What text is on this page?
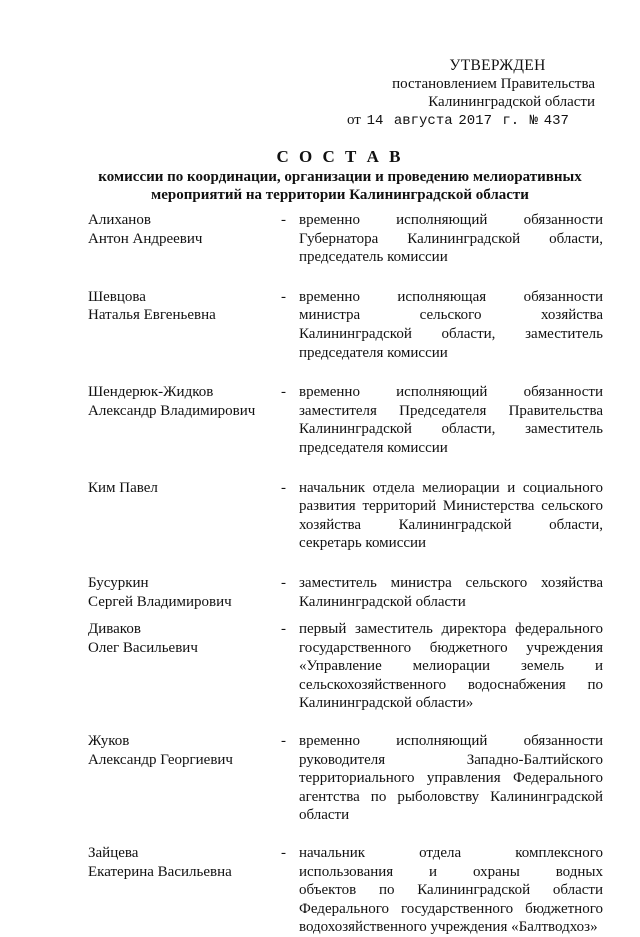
УТВЕРЖДЕН
постановлением Правительства
Калининградской области
от 14 августа 2017 г. № 437
С О С Т А В
комиссии по координации, организации и проведению мелиоративных
мероприятий на территории Калининградской области
Алиханов
Антон Андреевич
- временно исполняющий обязанности
Губернатора Калининградской области,
председатель комиссии
Шевцова
Наталья Евгеньевна
- временно исполняющая обязанности
министра сельского хозяйства
Калининградской области, заместитель
председателя комиссии
Шендерюк-Жидков
Александр Владимирович
- временно исполняющий обязанности
заместителя Председателя Правительства
Калининградской области, заместитель
председателя комиссии
Ким Павел
	- начальник отдела мелиорации и социального
развития территорий Министерства сельского
хозяйства Калининградской области,
секретарь комиссии
Бусуркин
Сергей Владимирович
- заместитель министра сельского хозяйства
Калининградской области
Диваков
Олег Васильевич
- первый заместитель директора федерального
государственного бюджетного учреждения
«Управление мелиорации земель и
сельскохозяйственного водоснабжения по
Калининградской области»
Жуков
Александр Георгиевич
- временно исполняющий обязанности
руководителя Западно-Балтийского
территориального управления Федерального
агентства по рыболовству Калининградской
области
Зайцева
Екатерина Васильевна
- начальник отдела комплексного
использования и охраны водных
объектов по Калининградской области
Федерального государственного бюджетного
водохозяйственного учреждения «Балтводхоз»
